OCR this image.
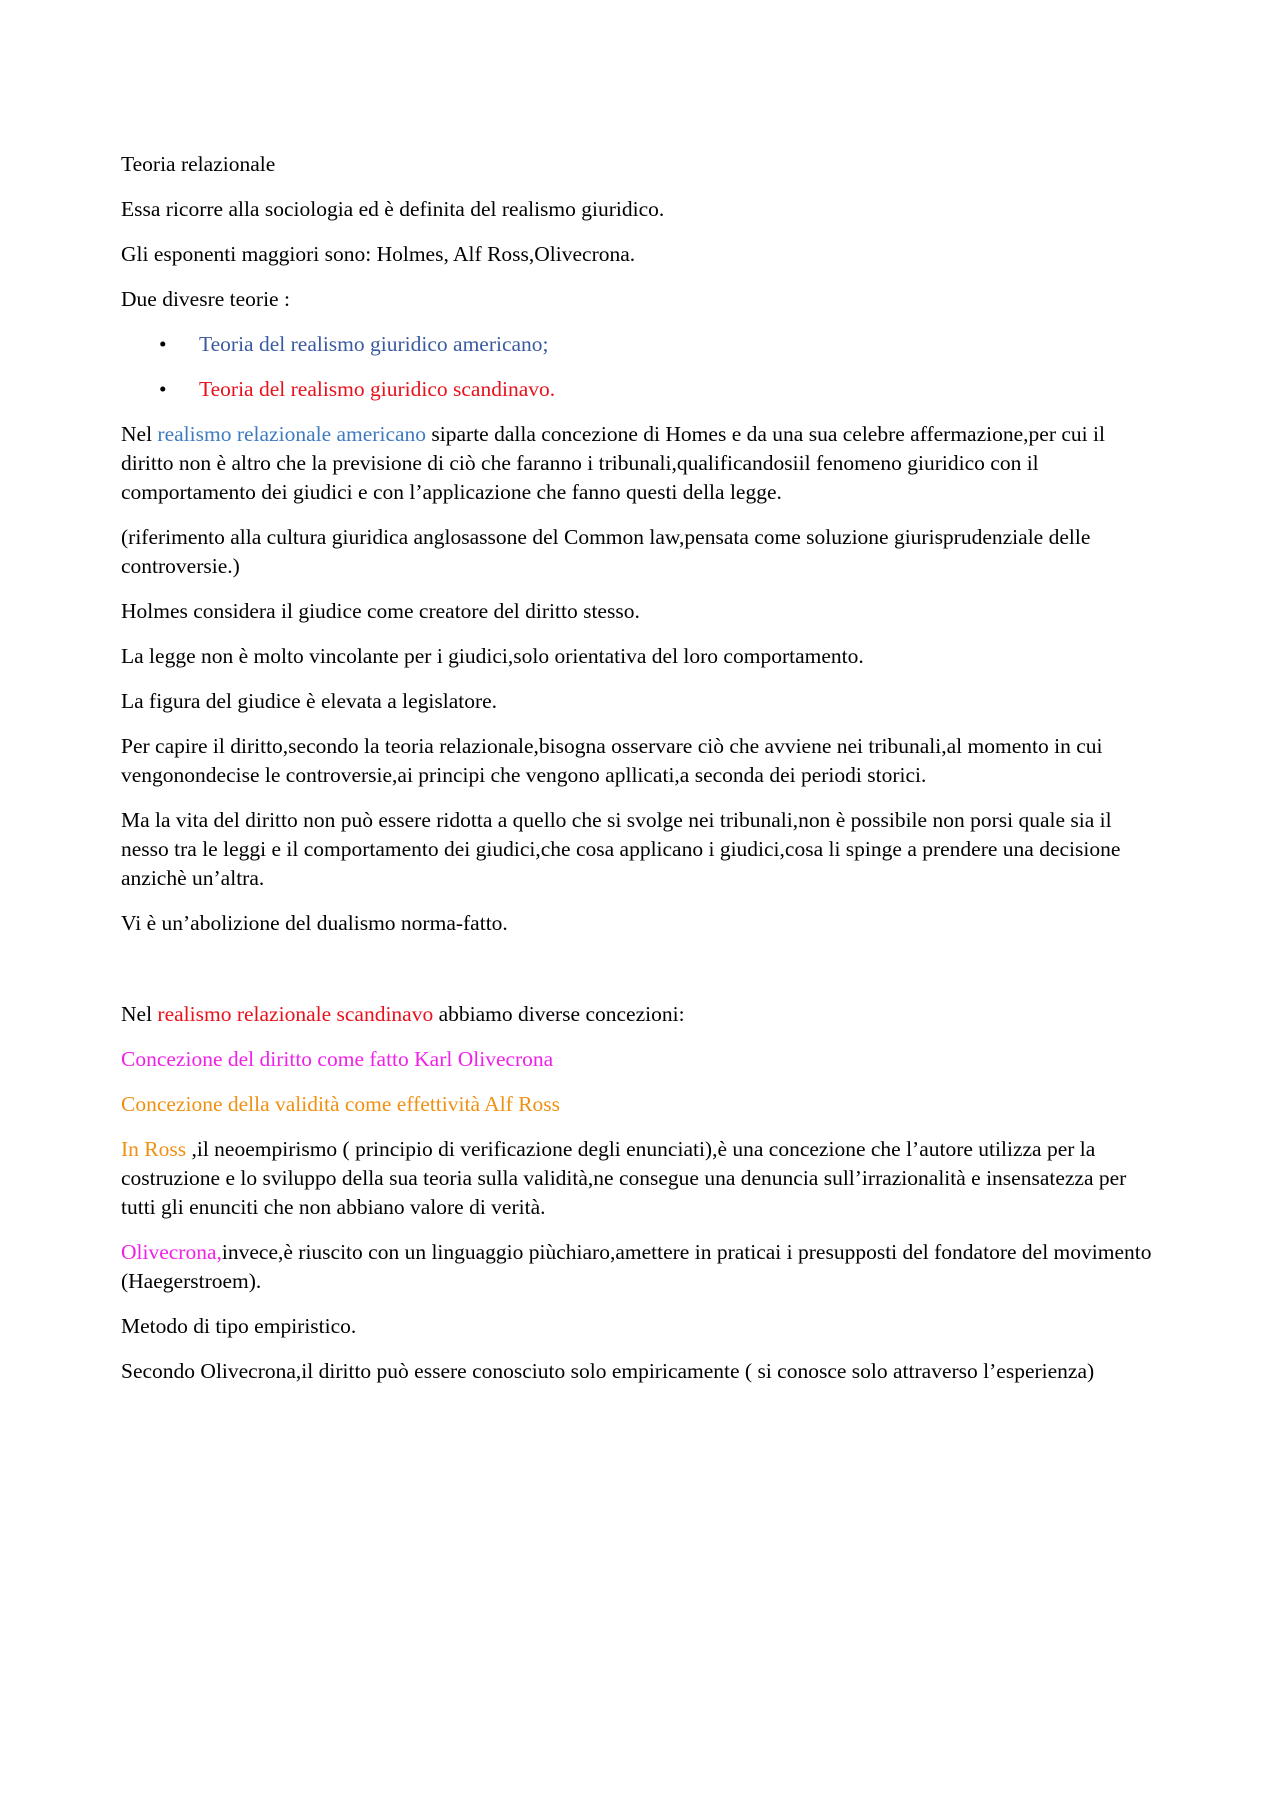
Teoria relazionale

Essa ricorre alla sociologia ed è definita del realismo giuridico.

Gli esponenti maggiori sono: Holmes, Alf Ross,Olivecrona.

Due divesre teorie :

• Teoria del realismo giuridico americano;
• Teoria del realismo giuridico scandinavo.

Nel realismo relazionale americano siparte dalla concezione di Homes e da una sua celebre affermazione,per cui il diritto non è altro che la previsione di ciò che faranno i tribunali,qualificandosiil fenomeno giuridico con il comportamento dei giudici e con l’applicazione che fanno questi della legge.

(riferimento alla cultura giuridica anglosassone del Common law,pensata come soluzione giurisprudenziale delle controversie.)

Holmes considera il giudice come creatore del diritto stesso.

La legge non è molto vincolante per i giudici,solo orientativa del loro comportamento.

La figura del giudice è elevata a legislatore.

Per capire il diritto,secondo la teoria relazionale,bisogna osservare ciò che avviene nei tribunali,al momento in cui vengonondecise le controversie,ai principi che vengono apllicati,a seconda dei periodi storici.

Ma la vita del diritto non può essere ridotta a quello che si svolge nei tribunali,non è possibile non porsi quale sia il nesso tra le leggi e il comportamento dei giudici,che cosa applicano i giudici,cosa li spinge a prendere una decisione anzichè un’altra.

Vi è un’abolizione del dualismo norma-fatto.

Nel realismo relazionale scandinavo abbiamo diverse concezioni:

Concezione del diritto come fatto Karl Olivecrona

Concezione della validità come effettività Alf Ross

In Ross ,il neoempirismo ( principio di verificazione degli enunciati),è una concezione che l’autore utilizza per la costruzione e lo sviluppo della sua teoria sulla validità,ne consegue una denuncia sull’irrazionalità e insensatezza per tutti gli enunciti che non abbiano valore di verità.

Olivecrona,invece,è riuscito con un linguaggio piùchiaro,amettere in praticai i presupposti del fondatore del movimento (Haegerstroem).

Metodo di tipo empiristico.

Secondo Olivecrona,il diritto può essere conosciuto solo empiricamente ( si conosce solo attraverso l’esperienza)
